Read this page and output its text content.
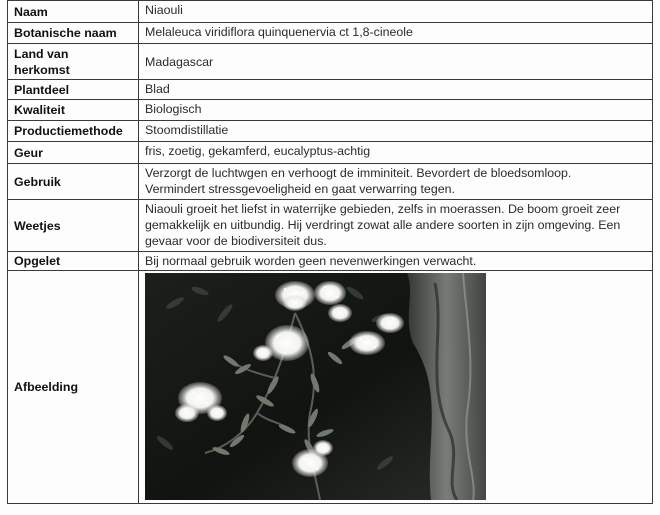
Naam	Niaouli
Botanische naam	Melaleuca viridiflora quinquenervia ct 1,8-cineole
Land van
herkomst	Madagascar
Plantdeel	Blad
Kwaliteit	Biologisch
Productiemethode	Stoomdistillatie
Geur	fris, zoetig, gekamferd, eucalyptus-achtig
Gebruik	Verzorgt de luchtwgen en verhoogt de imminiteit. Bevordert de bloedsomloop.
Vermindert stressgevoeligheid en gaat verwarring tegen.
Weetjes	Niaouli groeit het liefst in waterrijke gebieden, zelfs in moerassen. De boom groeit zeer
gemakkelijk en uitbundig. Hij verdringt zowat alle andere soorten in zijn omgeving. Een
gevaar voor de biodiversiteit dus.
Opgelet	Bij normaal gebruik worden geen nevenwerkingen verwacht.
Afbeelding	
